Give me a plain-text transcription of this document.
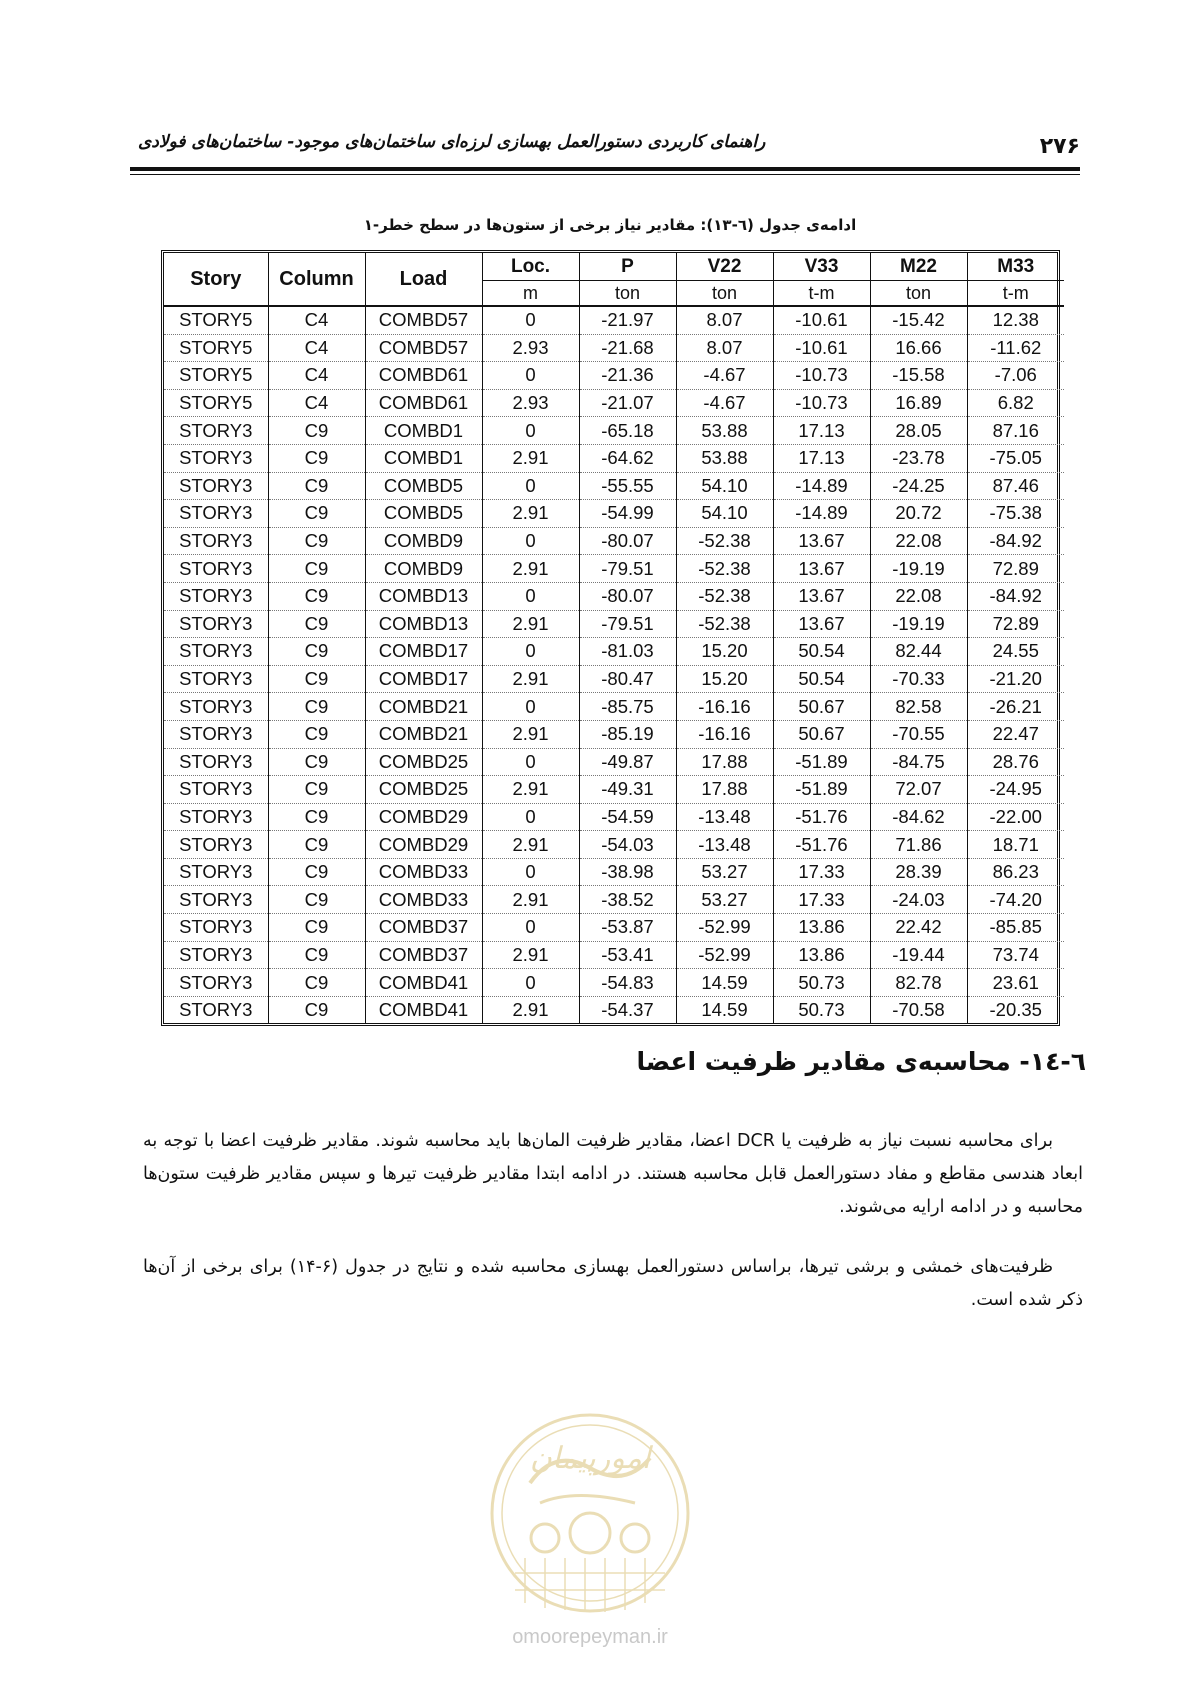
۲۷۶
راهنمای کاربردی دستورالعمل بهسازی لرزه‌ای ساختمان‌های موجود- ساختمان‌های فولادی
ادامه‌ی جدول (٦-١٣): مقادیر نیاز برخی از ستون‌ها در سطح خطر-١
Story	Column	Load	Loc.	P	V22	V33	M22	M33
			m	ton	ton	t-m	ton	t-m
STORY5	C4	COMBD57	0	-21.97	8.07	-10.61	-15.42	12.38
STORY5	C4	COMBD57	2.93	-21.68	8.07	-10.61	16.66	-11.62
STORY5	C4	COMBD61	0	-21.36	-4.67	-10.73	-15.58	-7.06
STORY5	C4	COMBD61	2.93	-21.07	-4.67	-10.73	16.89	6.82
STORY3	C9	COMBD1	0	-65.18	53.88	17.13	28.05	87.16
STORY3	C9	COMBD1	2.91	-64.62	53.88	17.13	-23.78	-75.05
STORY3	C9	COMBD5	0	-55.55	54.10	-14.89	-24.25	87.46
STORY3	C9	COMBD5	2.91	-54.99	54.10	-14.89	20.72	-75.38
STORY3	C9	COMBD9	0	-80.07	-52.38	13.67	22.08	-84.92
STORY3	C9	COMBD9	2.91	-79.51	-52.38	13.67	-19.19	72.89
STORY3	C9	COMBD13	0	-80.07	-52.38	13.67	22.08	-84.92
STORY3	C9	COMBD13	2.91	-79.51	-52.38	13.67	-19.19	72.89
STORY3	C9	COMBD17	0	-81.03	15.20	50.54	82.44	24.55
STORY3	C9	COMBD17	2.91	-80.47	15.20	50.54	-70.33	-21.20
STORY3	C9	COMBD21	0	-85.75	-16.16	50.67	82.58	-26.21
STORY3	C9	COMBD21	2.91	-85.19	-16.16	50.67	-70.55	22.47
STORY3	C9	COMBD25	0	-49.87	17.88	-51.89	-84.75	28.76
STORY3	C9	COMBD25	2.91	-49.31	17.88	-51.89	72.07	-24.95
STORY3	C9	COMBD29	0	-54.59	-13.48	-51.76	-84.62	-22.00
STORY3	C9	COMBD29	2.91	-54.03	-13.48	-51.76	71.86	18.71
STORY3	C9	COMBD33	0	-38.98	53.27	17.33	28.39	86.23
STORY3	C9	COMBD33	2.91	-38.52	53.27	17.33	-24.03	-74.20
STORY3	C9	COMBD37	0	-53.87	-52.99	13.86	22.42	-85.85
STORY3	C9	COMBD37	2.91	-53.41	-52.99	13.86	-19.44	73.74
STORY3	C9	COMBD41	0	-54.83	14.59	50.73	82.78	23.61
STORY3	C9	COMBD41	2.91	-54.37	14.59	50.73	-70.58	-20.35
٦-١٤- محاسبه‌ی مقادیر ظرفیت اعضا

برای محاسبه نسبت نیاز به ظرفیت یا DCR اعضا، مقادیر ظرفیت المان‌ها باید محاسبه شوند. مقادیر ظرفیت اعضا با توجه به ابعاد هندسی مقاطع و مفاد دستورالعمل قابل محاسبه هستند. در ادامه ابتدا مقادیر ظرفیت تیرها و سپس مقادیر ظرفیت ستون‌ها محاسبه و در ادامه ارایه می‌شوند.

ظرفیت‌های خمشی و برشی تیرها، براساس دستورالعمل بهسازی محاسبه شده و نتایج در جدول (۶-۱۴) برای برخی از آن‌ها ذکر شده است.

امورپیمان
omoorepeyman.ir
